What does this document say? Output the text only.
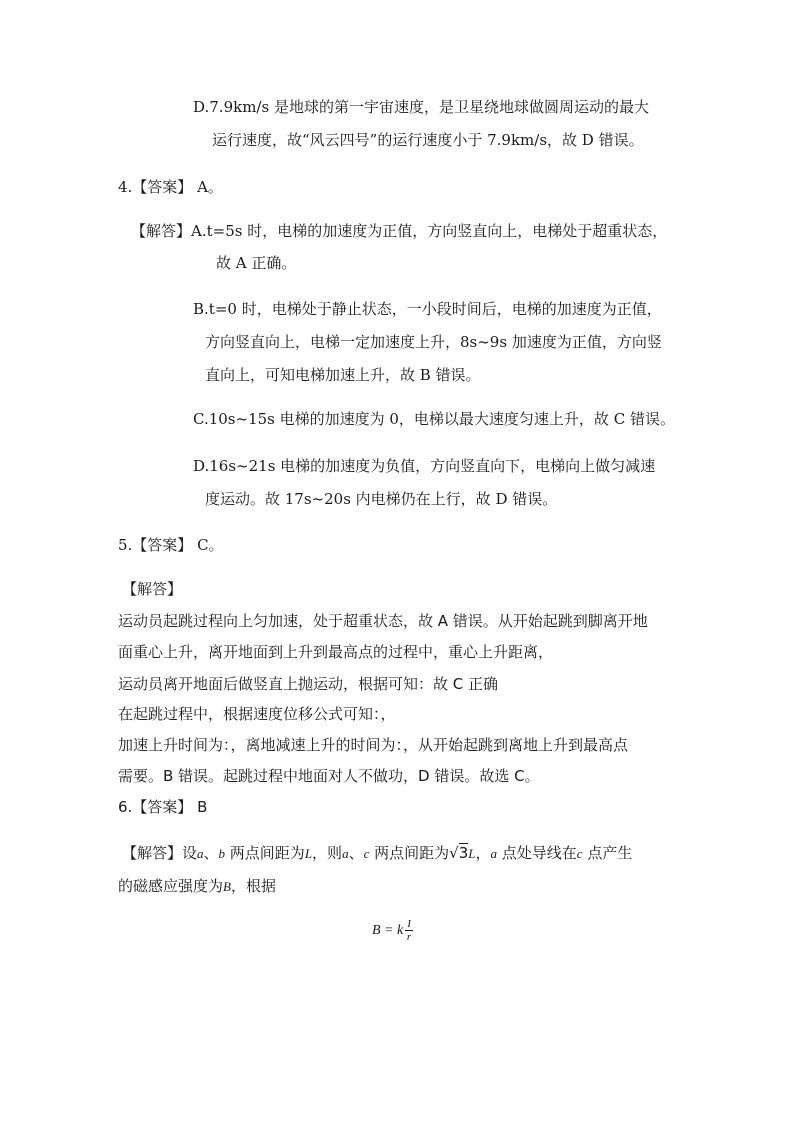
D.7.9km/s 是地球的第一宇宙速度，是卫星绕地球做圆周运动的最大
运行速度，故“风云四号”的运行速度小于 7.9km/s，故 D 错误。
4.【答案】 A。
【解答】A.t=5s 时，电梯的加速度为正值，方向竖直向上，电梯处于超重状态，
故 A 正确。
B.t=0 时，电梯处于静止状态，一小段时间后，电梯的加速度为正值，
方向竖直向上，电梯一定加速度上升，8s~9s 加速度为正值，方向竖
直向上，可知电梯加速上升，故 B 错误。
C.10s~15s 电梯的加速度为 0，电梯以最大速度匀速上升，故 C 错误。
D.16s~21s 电梯的加速度为负值，方向竖直向下，电梯向上做匀减速
度运动。故 17s~20s 内电梯仍在上行，故 D 错误。
5.【答案】 C。
【解答】
运动员起跳过程向上匀加速，处于超重状态，故 A 错误。从开始起跳到脚离开地
面重心上升，离开地面到上升到最高点的过程中，重心上升距离，
运动员离开地面后做竖直上抛运动，根据可知：故 C 正确
在起跳过程中，根据速度位移公式可知：，
加速上升时间为：，离地减速上升的时间为：，从开始起跳到离地上升到最高点
需要。B 错误。起跳过程中地面对人不做功，D 错误。故选 C。
6.【答案】 B
【解答】设a、b 两点间距为L，则a、c 两点间距为√3L，a 点处导线在c 点产生
的磁感应强度为B，根据
B = k $\frac{I}{r}$
